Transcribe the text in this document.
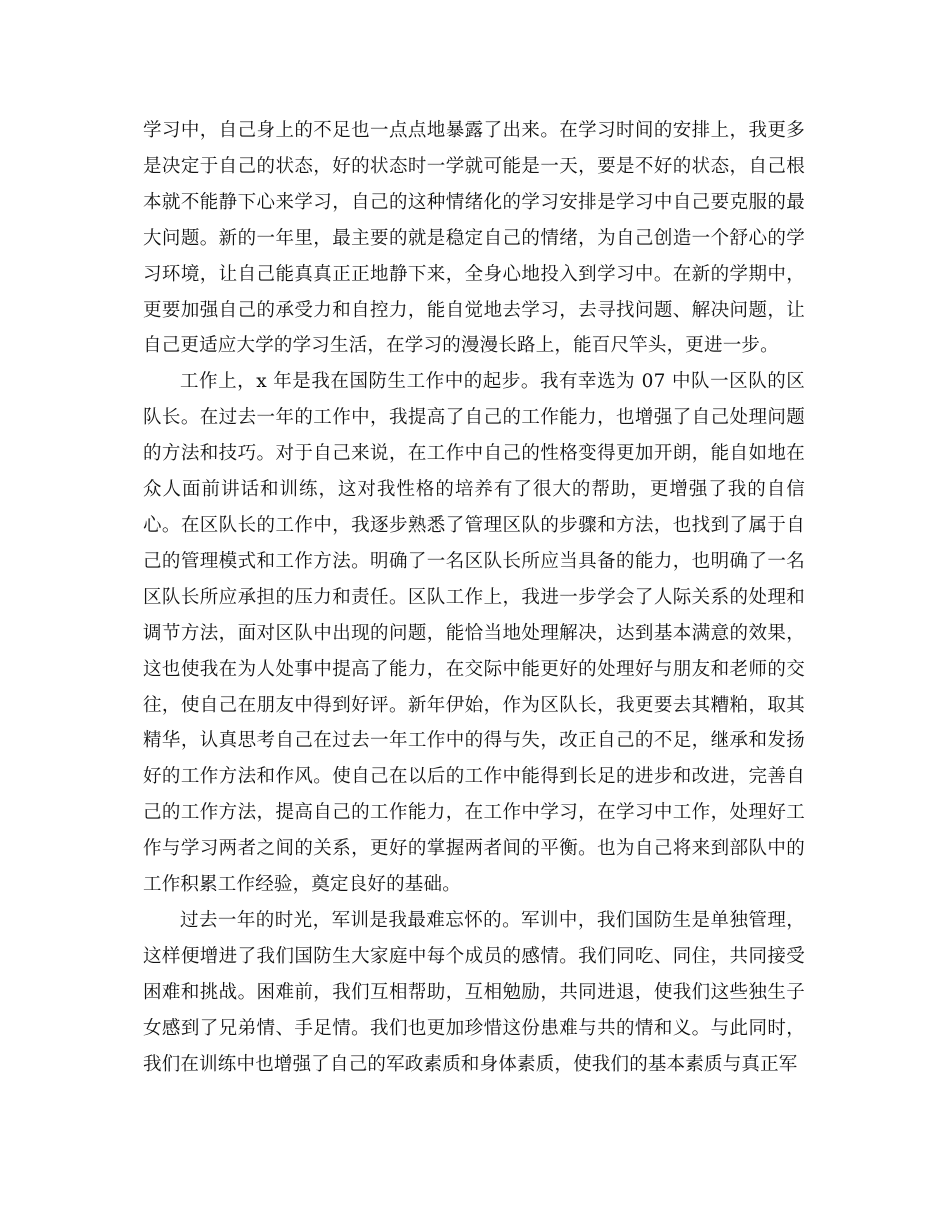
学习中，自己身上的不足也一点点地暴露了出来。在学习时间的安排上，我更多是决定于自己的状态，好的状态时一学就可能是一天，要是不好的状态，自己根本就不能静下心来学习，自己的这种情绪化的学习安排是学习中自己要克服的最大问题。新的一年里，最主要的就是稳定自己的情绪，为自己创造一个舒心的学习环境，让自己能真真正正地静下来，全身心地投入到学习中。在新的学期中，更要加强自己的承受力和自控力，能自觉地去学习，去寻找问题、解决问题，让自己更适应大学的学习生活，在学习的漫漫长路上，能百尺竿头，更进一步。

工作上，x 年是我在国防生工作中的起步。我有幸选为 07 中队一区队的区队长。在过去一年的工作中，我提高了自己的工作能力，也增强了自己处理问题的方法和技巧。对于自己来说，在工作中自己的性格变得更加开朗，能自如地在众人面前讲话和训练，这对我性格的培养有了很大的帮助，更增强了我的自信心。在区队长的工作中，我逐步熟悉了管理区队的步骤和方法，也找到了属于自己的管理模式和工作方法。明确了一名区队长所应当具备的能力，也明确了一名区队长所应承担的压力和责任。区队工作上，我进一步学会了人际关系的处理和调节方法，面对区队中出现的问题，能恰当地处理解决，达到基本满意的效果，这也使我在为人处事中提高了能力，在交际中能更好的处理好与朋友和老师的交往，使自己在朋友中得到好评。新年伊始，作为区队长，我更要去其糟粕，取其精华，认真思考自己在过去一年工作中的得与失，改正自己的不足，继承和发扬好的工作方法和作风。使自己在以后的工作中能得到长足的进步和改进，完善自己的工作方法，提高自己的工作能力，在工作中学习，在学习中工作，处理好工作与学习两者之间的关系，更好的掌握两者间的平衡。也为自己将来到部队中的工作积累工作经验，奠定良好的基础。

过去一年的时光，军训是我最难忘怀的。军训中，我们国防生是单独管理，这样便增进了我们国防生大家庭中每个成员的感情。我们同吃、同住，共同接受困难和挑战。困难前，我们互相帮助，互相勉励，共同进退，使我们这些独生子女感到了兄弟情、手足情。我们也更加珍惜这份患难与共的情和义。与此同时，我们在训练中也增强了自己的军政素质和身体素质，使我们的基本素质与真正军
